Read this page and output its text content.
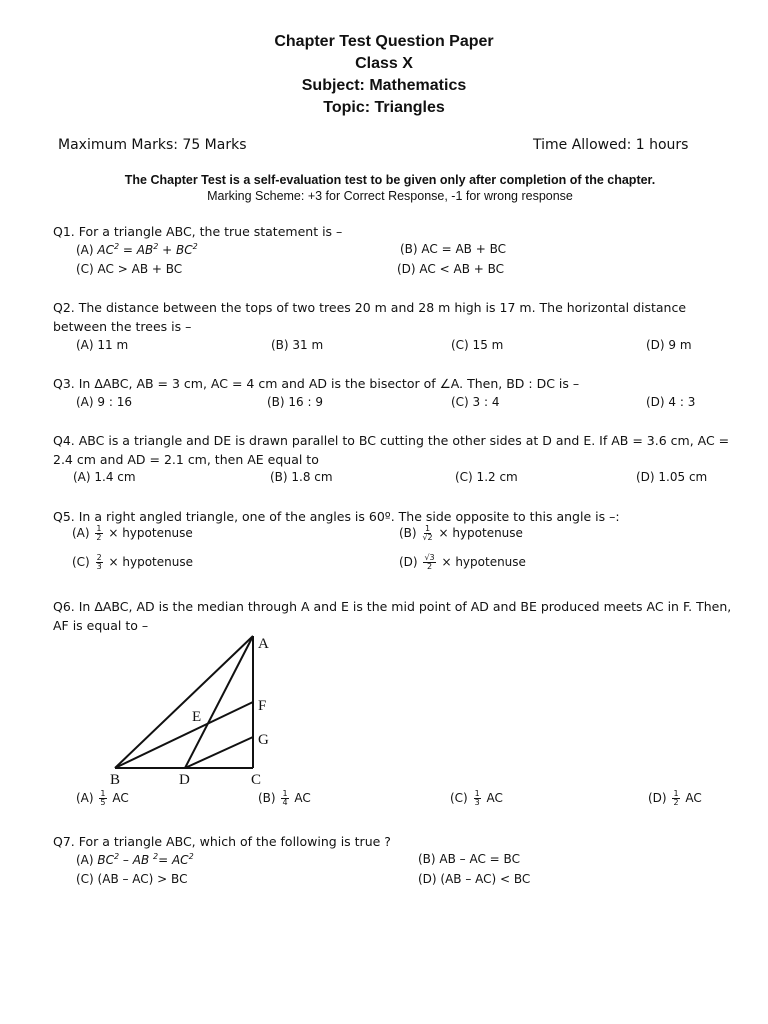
Chapter Test Question Paper
Class X
Subject: Mathematics
Topic: Triangles
Maximum Marks: 75 Marks	Time Allowed: 1 hours
The Chapter Test is a self-evaluation test to be given only after completion of the chapter.
Marking Scheme: +3 for Correct Response, -1 for wrong response
Q1. For a triangle ABC, the true statement is –
(A) $AC^2 = AB^2 + BC^2$	(B) AC = AB + BC
(C) AC > AB + BC	(D) AC < AB + BC
Q2. The distance between the tops of two trees 20 m and 28 m high is 17 m. The horizontal distance between the trees is –
(A) 11 m	(B) 31 m	(C) 15 m	(D) 9 m
Q3. In ΔABC, AB = 3 cm, AC = 4 cm and AD is the bisector of ∠A. Then, BD : DC is –
(A) 9 : 16	(B) 16 : 9	(C) 3 : 4	(D) 4 : 3
Q4. ABC is a triangle and DE is drawn parallel to BC cutting the other sides at D and E. If AB = 3.6 cm, AC = 2.4 cm and AD = 2.1 cm, then AE equal to
(A) 1.4 cm	(B) 1.8 cm	(C) 1.2 cm	(D) 1.05 cm
Q5. In a right angled triangle, one of the angles is 60º. The side opposite to this angle is –:
$(A) \frac{1}{2}$ × hypotenuse	$(B) \frac{1}{√2}$ × hypotenuse
$(C) \frac{2}{3}$ × hypotenuse	$(D) \frac{√3}{2}$ × hypotenuse
Q6. In ΔABC, AD is the median through A and E is the mid point of AD and BE produced meets AC in F. Then, AF is equal to –
A
F
G
E
B	D	C
$(A) \frac{1}{5}$ AC	$(B) \frac{1}{4}$ AC	$(C) \frac{1}{3}$ AC	$(D) \frac{1}{2}$ AC
Q7. For a triangle ABC, which of the following is true ?
(A) $BC^2$ – AB $^2= AC^2$	(B) AB – AC = BC
(C) (AB – AC) > BC	(D) (AB – AC) < BC
